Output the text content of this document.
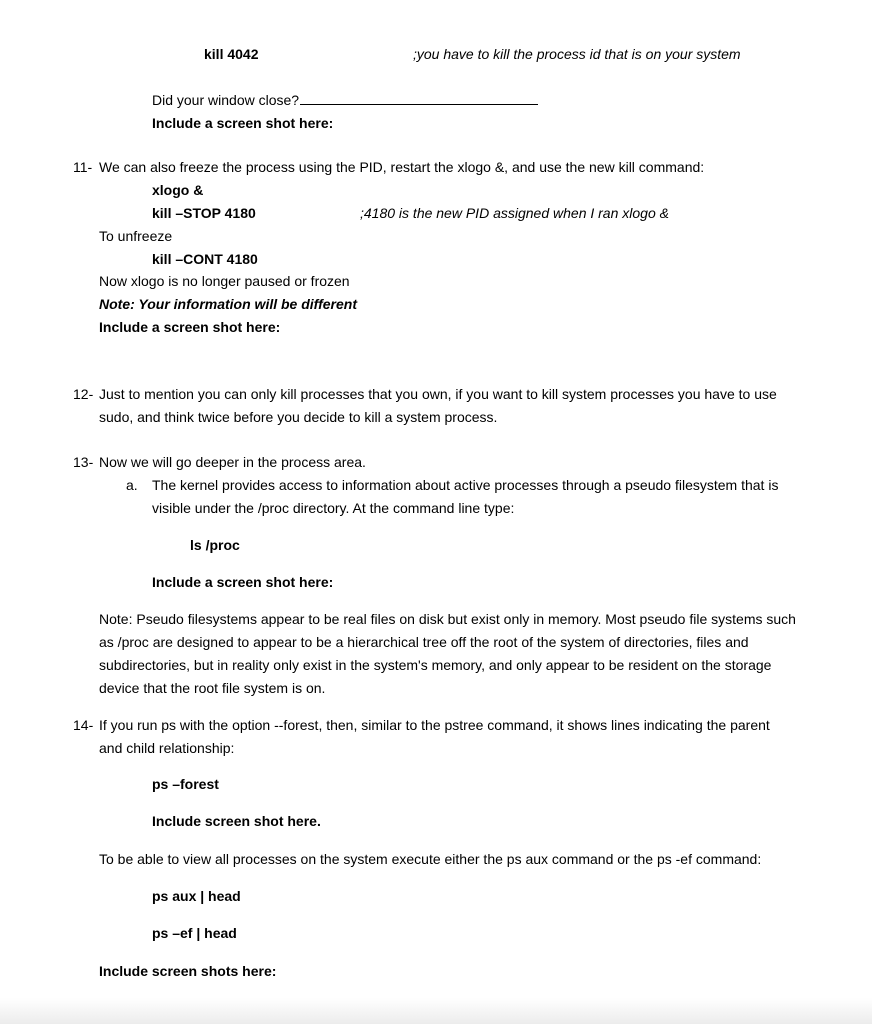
kill 4042	;you have to kill the process id that is on your system
Did your window close?
Include a screen shot here:
11- We can also freeze the process using the PID, restart the xlogo &, and use the new kill command:
xlogo &
kill –STOP 4180	;4180 is the new PID assigned when I ran xlogo &
To unfreeze
kill –CONT 4180
Now xlogo is no longer paused or frozen
Note: Your information will be different
Include a screen shot here:
12- Just to mention you can only kill processes that you own, if you want to kill system processes you have to use
sudo, and think twice before you decide to kill a system process.
13- Now we will go deeper in the process area.
a. The kernel provides access to information about active processes through a pseudo filesystem that is
visible under the /proc directory. At the command line type:
ls /proc
Include a screen shot here:
Note: Pseudo filesystems appear to be real files on disk but exist only in memory. Most pseudo file systems such
as /proc are designed to appear to be a hierarchical tree off the root of the system of directories, files and
subdirectories, but in reality only exist in the system's memory, and only appear to be resident on the storage
device that the root file system is on.
14- If you run ps with the option --forest, then, similar to the pstree command, it shows lines indicating the parent
and child relationship:
ps –forest
Include screen shot here.
To be able to view all processes on the system execute either the ps aux command or the ps -ef command:
ps aux | head
ps –ef | head
Include screen shots here:
